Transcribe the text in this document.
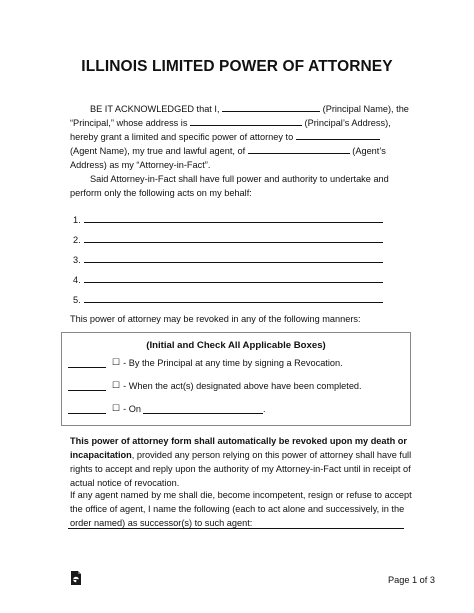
ILLINOIS LIMITED POWER OF ATTORNEY
BE IT ACKNOWLEDGED that I,	(Principal Name), the
“Principal,” whose address is	(Principal’s Address),
hereby grant a limited and specific power of attorney to
(Agent Name), my true and lawful agent, of	(Agent’s
Address) as my “Attorney-in-Fact”.
Said Attorney-in-Fact shall have full power and authority to undertake and perform only the following acts on my behalf:
1.
2.
3.
4.
5.
This power of attorney may be revoked in any of the following manners:
(Initial and Check All Applicable Boxes)
☐ - By the Principal at any time by signing a Revocation.
☐ - When the act(s) designated above have been completed.
☐ - On	.
This power of attorney form shall automatically be revoked upon my death or incapacitation, provided any person relying on this power of attorney shall have full rights to accept and reply upon the authority of my Attorney-in-Fact until in receipt of actual notice of revocation.
If any agent named by me shall die, become incompetent, resign or refuse to accept the office of agent, I name the following (each to act alone and successively, in the order named) as successor(s) to such agent:
Page 1 of 3
